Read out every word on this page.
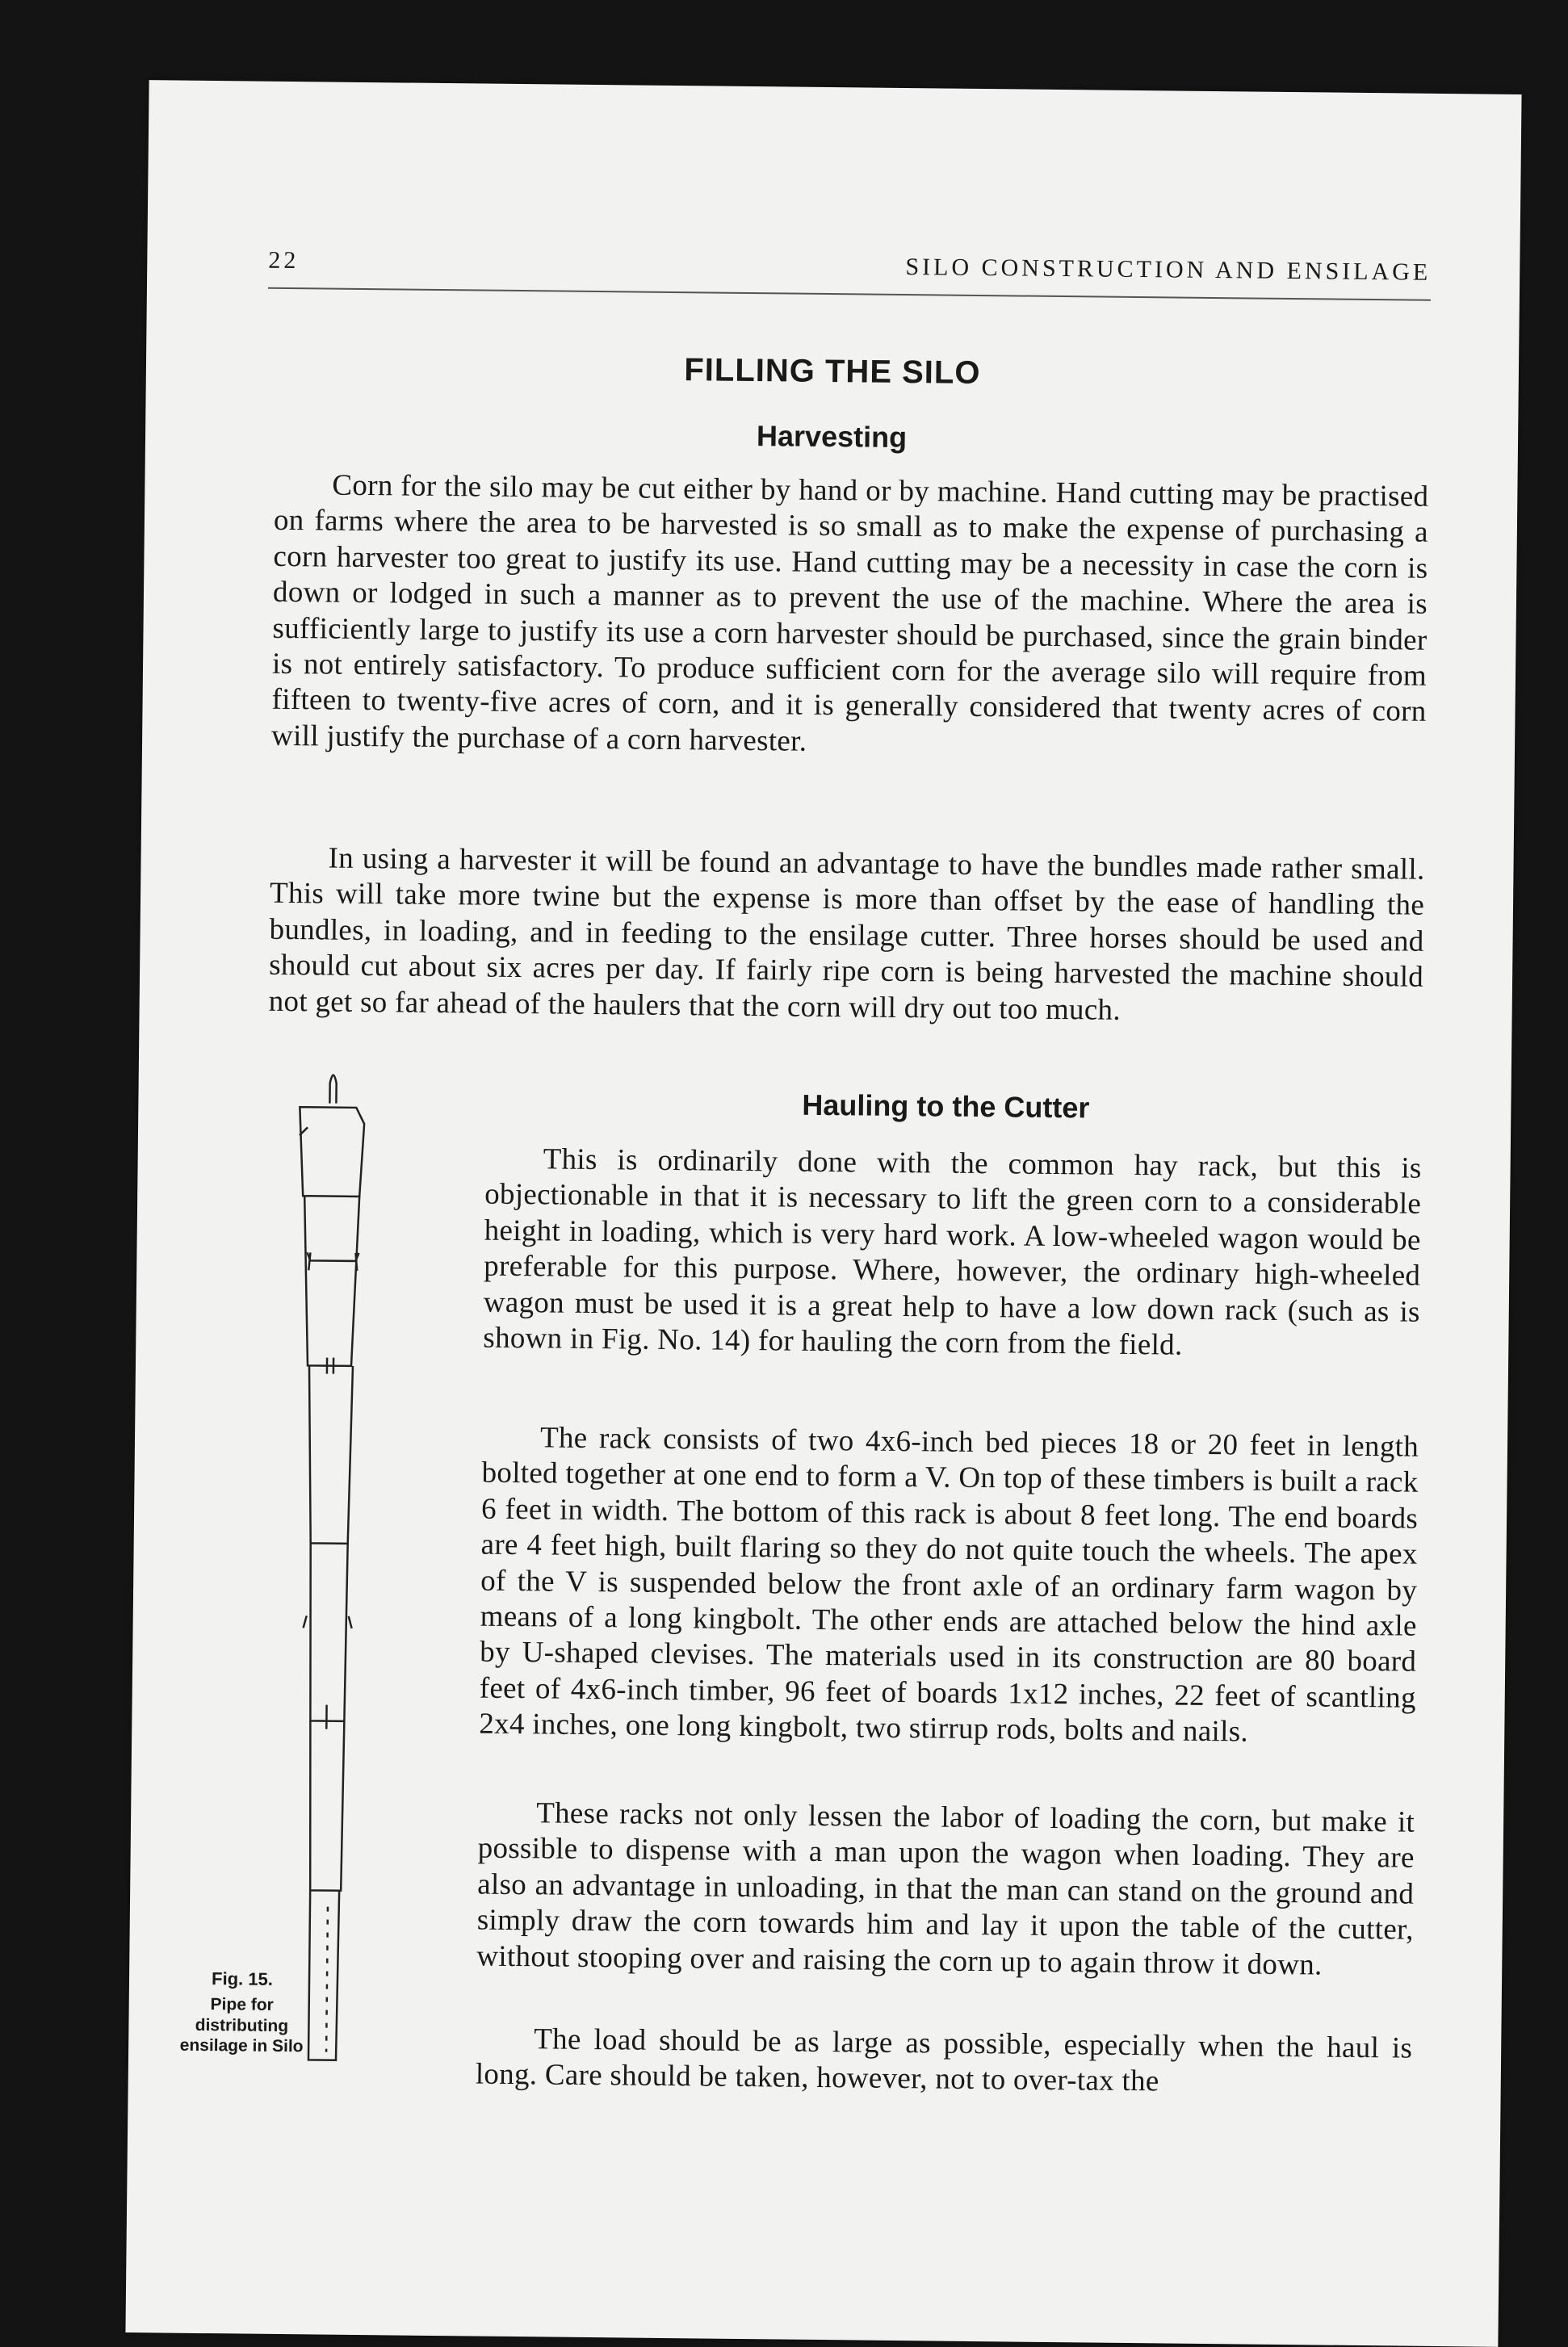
22	SILO CONSTRUCTION AND ENSILAGE
FILLING THE SILO
Harvesting

Corn for the silo may be cut either by hand or by machine. Hand cutting may be practised on farms where the area to be harvested is so small as to make the expense of purchasing a corn harvester too great to justify its use. Hand cutting may be a necessity in case the corn is down or lodged in such a manner as to prevent the use of the machine. Where the area is sufficiently large to justify its use a corn harvester should be purchased, since the grain binder is not entirely satisfactory. To produce sufficient corn for the average silo will require from fifteen to twenty-five acres of corn, and it is generally considered that twenty acres of corn will justify the purchase of a corn harvester.

In using a harvester it will be found an advantage to have the bundles made rather small. This will take more twine but the expense is more than offset by the ease of handling the bundles, in loading, and in feeding to the ensilage cutter. Three horses should be used and should cut about six acres per day. If fairly ripe corn is being harvested the machine should not get so far ahead of the haulers that the corn will dry out too much.

Hauling to the Cutter

This is ordinarily done with the common hay rack, but this is objectionable in that it is necessary to lift the green corn to a considerable height in loading, which is very hard work. A low-wheeled wagon would be preferable for this purpose. Where, however, the ordinary high-wheeled wagon must be used it is a great help to have a low down rack (such as is shown in Fig. No. 14) for hauling the corn from the field.

The rack consists of two 4x6-inch bed pieces 18 or 20 feet in length bolted together at one end to form a V. On top of these timbers is built a rack 6 feet in width. The bottom of this rack is about 8 feet long. The end boards are 4 feet high, built flaring so they do not quite touch the wheels. The apex of the V is suspended below the front axle of an ordinary farm wagon by means of a long kingbolt. The other ends are attached below the hind axle by U-shaped clevises. The materials used in its construction are 80 board feet of 4x6-inch timber, 96 feet of boards 1x12 inches, 22 feet of scantling 2x4 inches, one long kingbolt, two stirrup rods, bolts and nails.

These racks not only lessen the labor of loading the corn, but make it possible to dispense with a man upon the wagon when loading. They are also an advantage in unloading, in that the man can stand on the ground and simply draw the corn towards him and lay it upon the table of the cutter, without stooping over and raising the corn up to again throw it down.

The load should be as large as possible, especially when the haul is long. Care should be taken, however, not to over-tax the

Fig. 15.
Pipe for distributing ensilage in Silo
